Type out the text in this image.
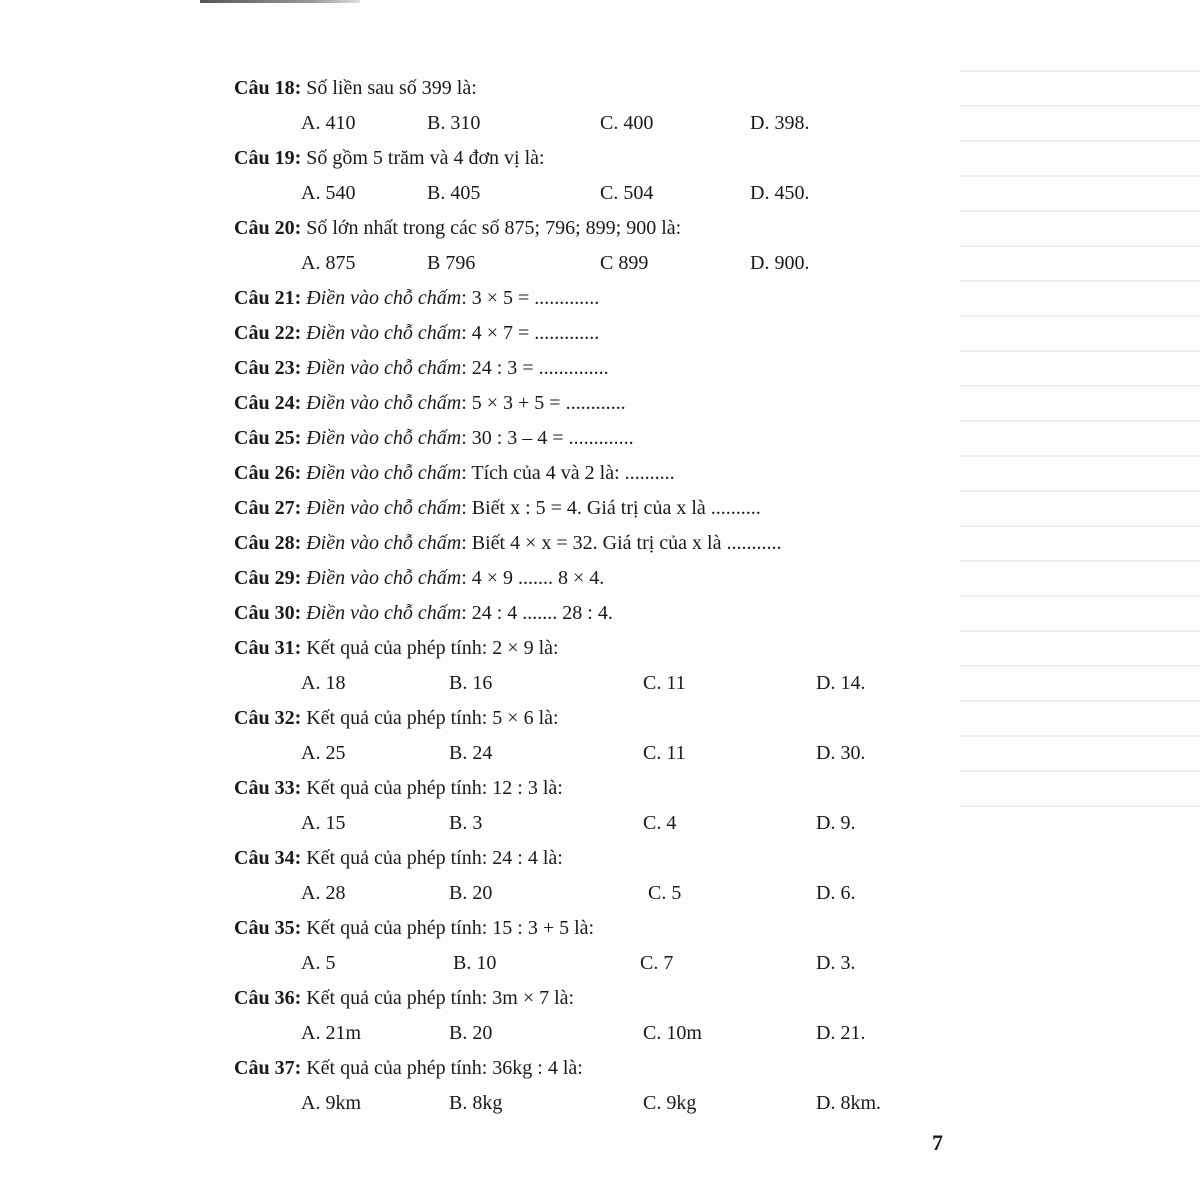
Câu 18: Số liền sau số 399 là:
A. 410	B. 310	C. 400	D. 398.
Câu 19: Số gồm 5 trăm và 4 đơn vị là:
A. 540	B. 405	C. 504	D. 450.
Câu 20: Số lớn nhất trong các số 875; 796; 899; 900 là:
A. 875	B 796	C 899	D. 900.
Câu 21: Điền vào chỗ chấm: 3 × 5 = .............
Câu 22: Điền vào chỗ chấm: 4 × 7 = .............
Câu 23: Điền vào chỗ chấm: 24 : 3 = ..............
Câu 24: Điền vào chỗ chấm: 5 × 3 + 5 = ............
Câu 25: Điền vào chỗ chấm: 30 : 3 – 4 = .............
Câu 26: Điền vào chỗ chấm: Tích của 4 và 2 là: ..........
Câu 27: Điền vào chỗ chấm: Biết x : 5 = 4. Giá trị của x là ..........
Câu 28: Điền vào chỗ chấm: Biết 4 × x = 32. Giá trị của x là ...........
Câu 29: Điền vào chỗ chấm: 4 × 9 ....... 8 × 4.
Câu 30: Điền vào chỗ chấm: 24 : 4 ....... 28 : 4.
Câu 31: Kết quả của phép tính: 2 × 9 là:
A. 18	B. 16	C. 11	D. 14.
Câu 32: Kết quả của phép tính: 5 × 6 là:
A. 25	B. 24	C. 11	D. 30.
Câu 33: Kết quả của phép tính: 12 : 3 là:
A. 15	B. 3	C. 4	D. 9.
Câu 34: Kết quả của phép tính: 24 : 4 là:
A. 28	B. 20	C. 5	D. 6.
Câu 35: Kết quả của phép tính: 15 : 3 + 5 là:
A. 5	B. 10	C. 7	D. 3.
Câu 36: Kết quả của phép tính: 3m × 7 là:
A. 21m	B. 20	C. 10m	D. 21.
Câu 37: Kết quả của phép tính: 36kg : 4 là:
A. 9km	B. 8kg	C. 9kg	D. 8km.
7
